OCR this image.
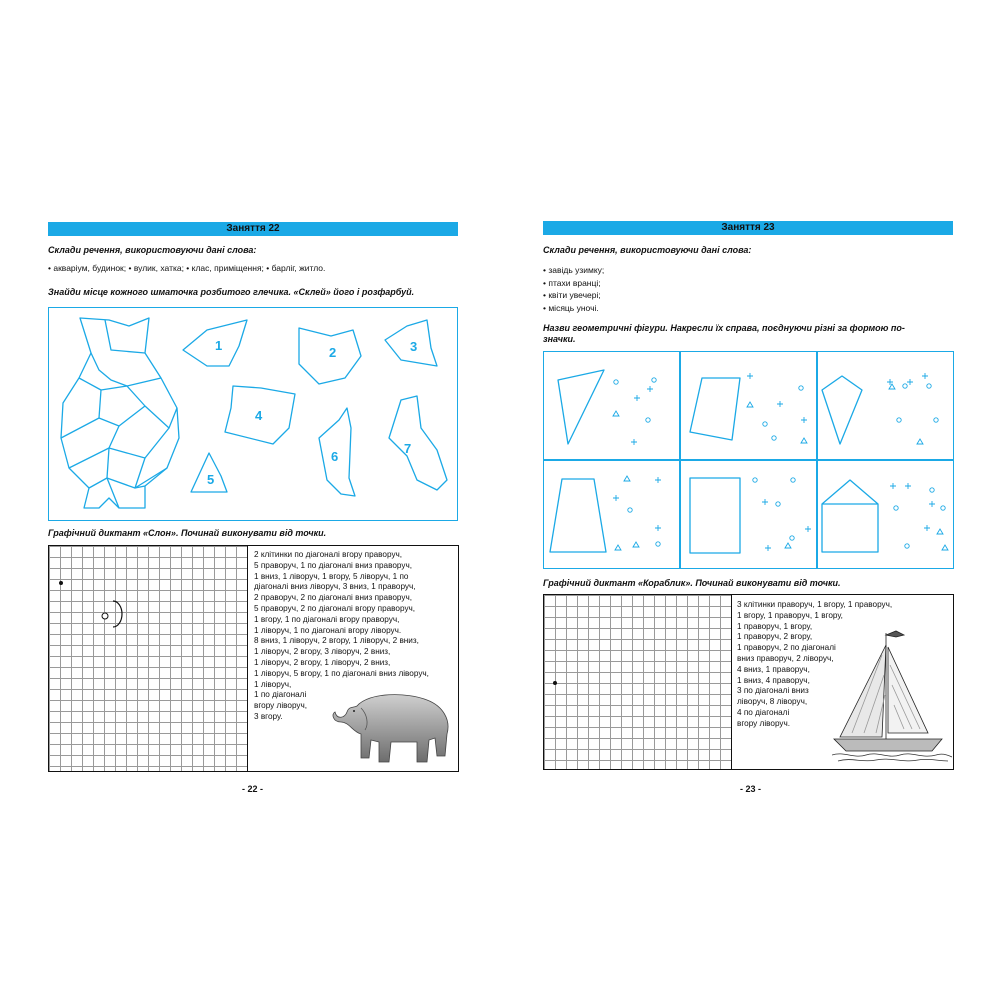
Заняття 22
Склади речення, використовуючи дані слова:
• акваріум, будинок; • вулик, хатка; • клас, приміщення; • барліг, житло.
Знайди місце кожного шматочка розбитого глечика. «Склей» його і розфарбуй.
1	2	3
4
5
6
7
Графічний диктант «Слон». Починай виконувати від точки.
2 клітинки по діагоналі вгору праворуч,
5 праворуч, 1 по діагоналі вниз праворуч,
1 вниз, 1 ліворуч, 1 вгору, 5 ліворуч, 1 по
діагоналі вниз ліворуч, 3 вниз, 1 праворуч,
2 праворуч, 2 по діагоналі вниз праворуч,
5 праворуч, 2 по діагоналі вгору праворуч,
1 вгору, 1 по діагоналі вгору праворуч,
1 ліворуч, 1 по діагоналі вгору ліворуч.
8 вниз, 1 ліворуч, 2 вгору, 1 ліворуч, 2 вниз,
1 ліворуч, 2 вгору, 3 ліворуч, 2 вниз,
1 ліворуч, 2 вгору, 1 ліворуч, 2 вниз,
1 ліворуч, 5 вгору, 1 по діагоналі вниз ліворуч,
1 ліворуч,
1 по діагоналі
вгору ліворуч,
3 вгору.
- 22 -
Заняття 23
Склади речення, використовуючи дані слова:
• завідь узимку;
• птахи вранці;
• квіти увечері;
• місяць уночі.
Назви геометричні фігури. Накресли їх справа, поєднуючи різні за формою по-
значки.
Графічний диктант «Кораблик». Починай виконувати від точки.
3 клітинки праворуч, 1 вгору, 1 праворуч,
1 вгору, 1 праворуч, 1 вгору,
1 праворуч, 1 вгору,
1 праворуч, 2 вгору,
1 праворуч, 2 по діагоналі
вниз праворуч, 2 ліворуч,
4 вниз, 1 праворуч,
1 вниз, 4 праворуч,
3 по діагоналі вниз
ліворуч, 8 ліворуч,
4 по діагоналі
вгору ліворуч.
- 23 -
